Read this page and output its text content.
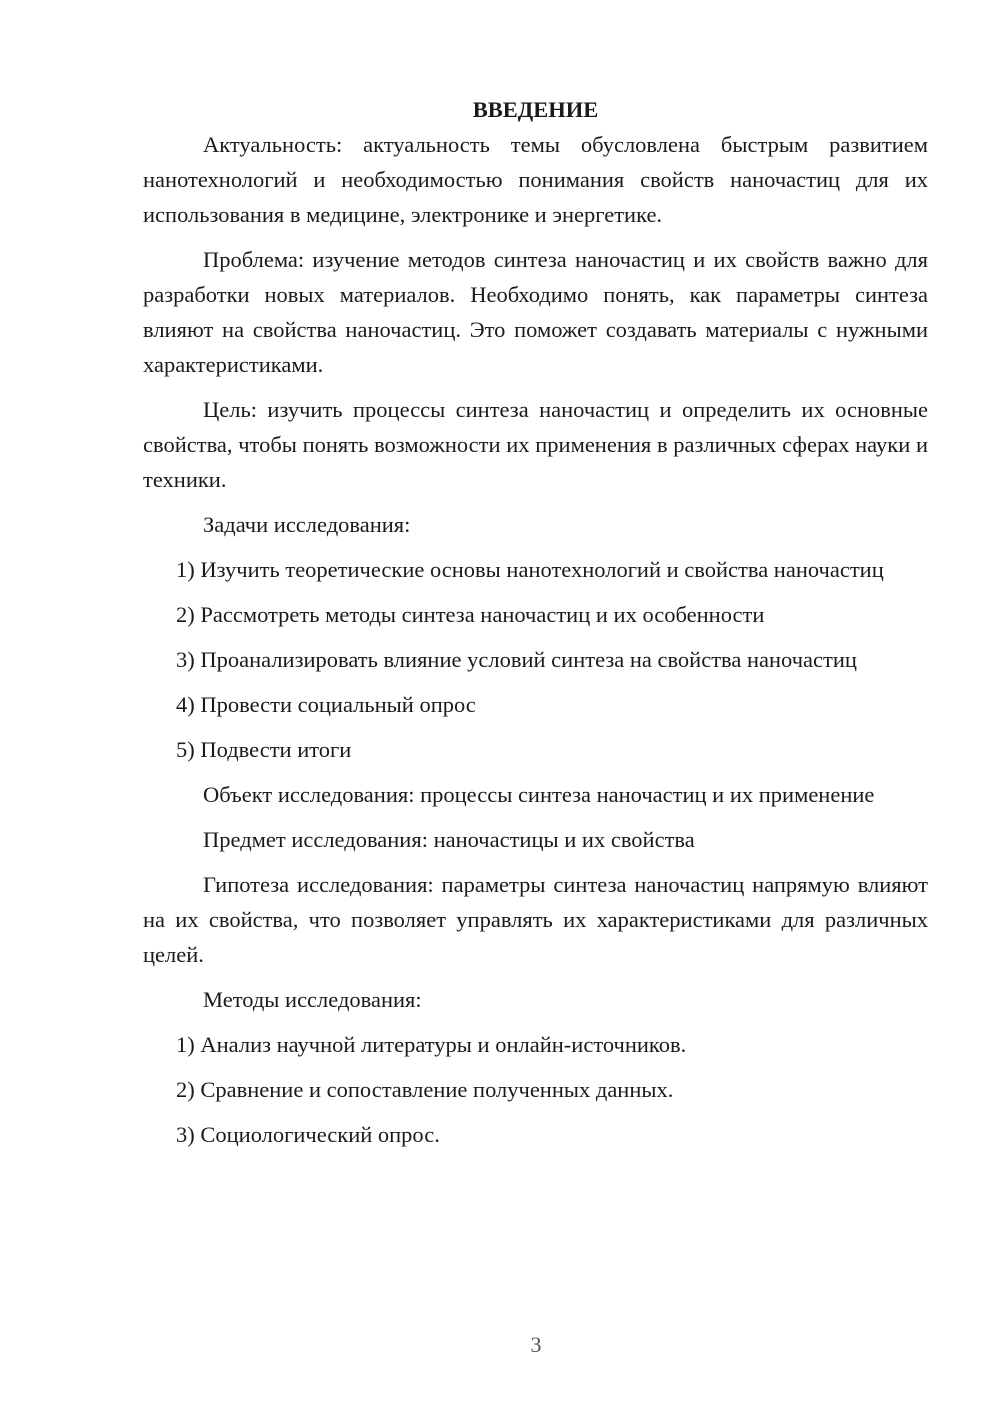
ВВЕДЕНИЕ

Актуальность: актуальность темы обусловлена быстрым развитием нанотехнологий и необходимостью понимания свойств наночастиц для их использования в медицине, электронике и энергетике.

Проблема: изучение методов синтеза наночастиц и их свойств важно для разработки новых материалов. Необходимо понять, как параметры синтеза влияют на свойства наночастиц. Это поможет создавать материалы с нужными характеристиками.

Цель: изучить процессы синтеза наночастиц и определить их основные свойства, чтобы понять возможности их применения в различных сферах науки и техники.

Задачи исследования:

1) Изучить теоретические основы нанотехнологий и свойства наночастиц

2) Рассмотреть методы синтеза наночастиц и их особенности

3) Проанализировать влияние условий синтеза на свойства наночастиц

4) Провести социальный опрос

5) Подвести итоги

Объект исследования: процессы синтеза наночастиц и их применение

Предмет исследования: наночастицы и их свойства

Гипотеза исследования: параметры синтеза наночастиц напрямую влияют на их свойства, что позволяет управлять их характеристиками для различных целей.

Методы исследования:

1) Анализ научной литературы и онлайн-источников.

2) Сравнение и сопоставление полученных данных.

3) Социологический опрос.

3
